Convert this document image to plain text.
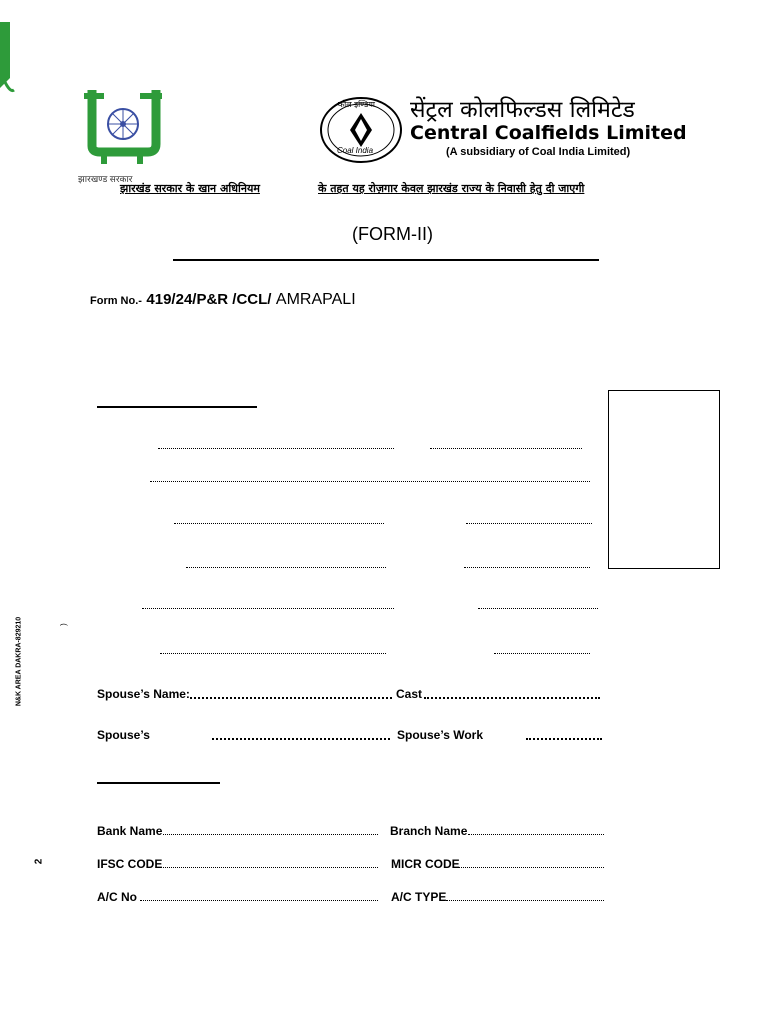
झारखण्ड सरकार
कोल इण्डिया
Coal India
सेंट्रल कोलफिल्डस लिमिटेड
Central Coalfields Limited
(A subsidiary of Coal India Limited)
झारखंड सरकार के खान अधिनियम	के तहत यह रोज़गार केवल झारखंड राज्य के निवासी हेतु दी जाएगी
(FORM-II)
Form No.- 419/24/P&R /CCL/ AMRAPALI
Spouse’s Name:	Cast
Spouse’s	Spouse’s Work
Bank Name	Branch Name
IFSC CODE	MICR CODE
A/C No	A/C TYPE
N&K AREA DAKRA-829210	)
2
